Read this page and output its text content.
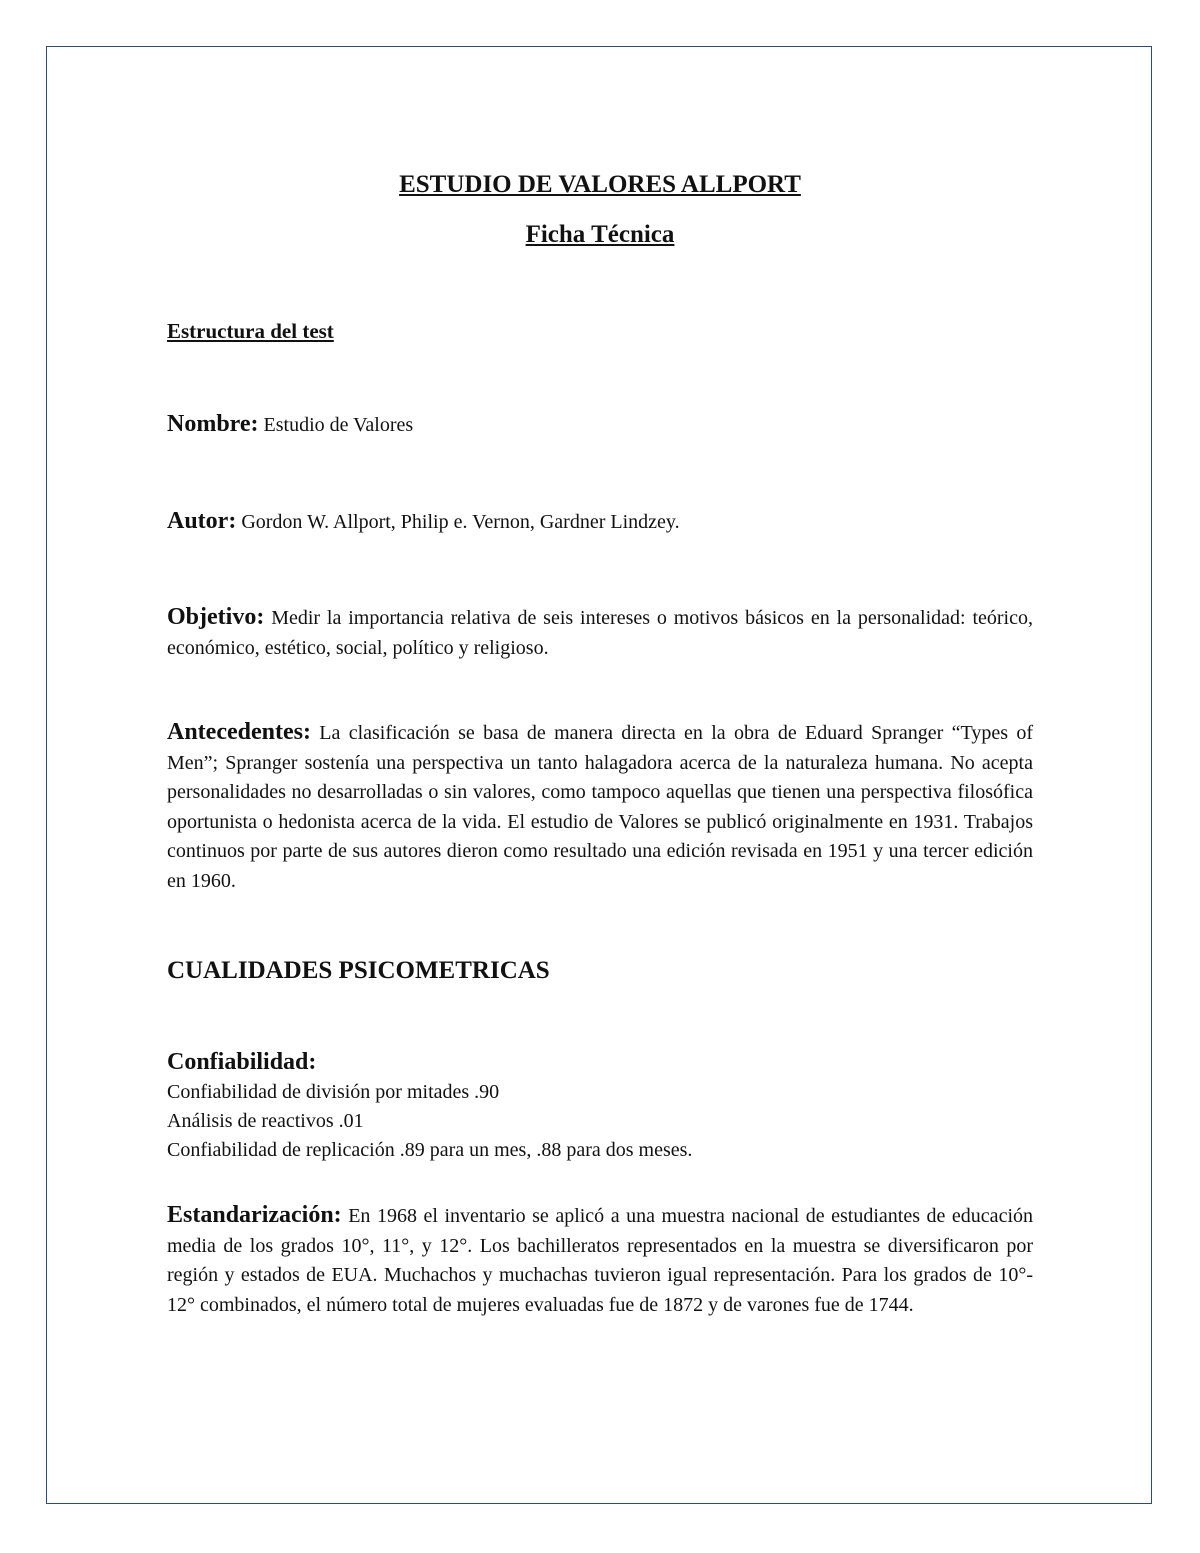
ESTUDIO DE VALORES ALLPORT
Ficha Técnica

Estructura del test

Nombre: Estudio de Valores

Autor: Gordon W. Allport, Philip e. Vernon, Gardner Lindzey.

Objetivo: Medir la importancia relativa de seis intereses o motivos básicos en la personalidad: teórico, económico, estético, social, político y religioso.

Antecedentes: La clasificación se basa de manera directa en la obra de Eduard Spranger “Types of Men”; Spranger sostenía una perspectiva un tanto halagadora acerca de la naturaleza humana. No acepta personalidades no desarrolladas o sin valores, como tampoco aquellas que tienen una perspectiva filosófica oportunista o hedonista acerca de la vida. El estudio de Valores se publicó originalmente en 1931. Trabajos continuos por parte de sus autores dieron como resultado una edición revisada en 1951 y una tercer edición en 1960.

CUALIDADES PSICOMETRICAS
Confiabilidad:

Confiabilidad de división por mitades .90

Análisis de reactivos .01

Confiabilidad de replicación .89 para un mes, .88 para dos meses.

Estandarización: En 1968 el inventario se aplicó a una muestra nacional de estudiantes de educación media de los grados 10°, 11°, y 12°. Los bachilleratos representados en la muestra se diversificaron por región y estados de EUA. Muchachos y muchachas tuvieron igual representación. Para los grados de 10°- 12° combinados, el número total de mujeres evaluadas fue de 1872 y de varones fue de 1744.
